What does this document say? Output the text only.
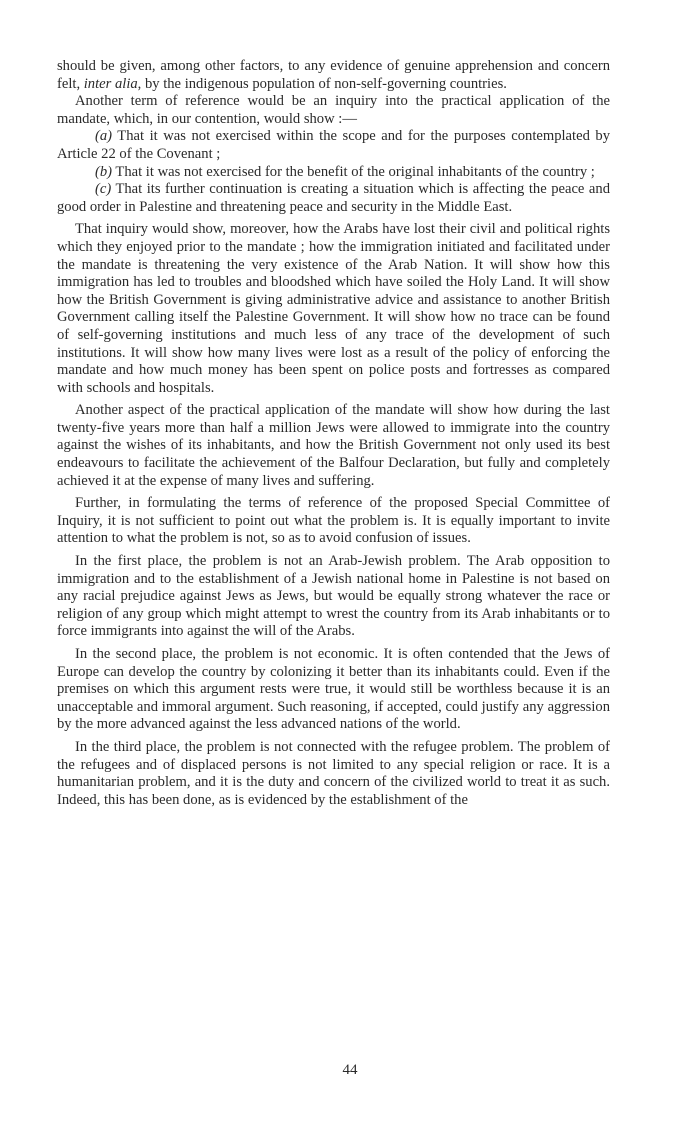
should be given, among other factors, to any evidence of genuine apprehension and concern felt, inter alia, by the indigenous population of non-self-governing countries.

Another term of reference would be an inquiry into the practical application of the mandate, which, in our contention, would show :—

(a) That it was not exercised within the scope and for the purposes contemplated by Article 22 of the Covenant ;

(b) That it was not exercised for the benefit of the original inhabitants of the country ;

(c) That its further continuation is creating a situation which is affecting the peace and good order in Palestine and threatening peace and security in the Middle East.

That inquiry would show, moreover, how the Arabs have lost their civil and political rights which they enjoyed prior to the mandate ; how the immigration initiated and facilitated under the mandate is threatening the very existence of the Arab Nation. It will show how this immigration has led to troubles and bloodshed which have soiled the Holy Land. It will show how the British Government is giving administrative advice and assistance to another British Government calling itself the Palestine Government. It will show how no trace can be found of self-governing institutions and much less of any trace of the development of such institutions. It will show how many lives were lost as a result of the policy of enforcing the mandate and how much money has been spent on police posts and fortresses as compared with schools and hospitals.

Another aspect of the practical application of the mandate will show how during the last twenty-five years more than half a million Jews were allowed to immigrate into the country against the wishes of its inhabitants, and how the British Government not only used its best endeavours to facilitate the achievement of the Balfour Declaration, but fully and completely achieved it at the expense of many lives and suffering.

Further, in formulating the terms of reference of the proposed Special Committee of Inquiry, it is not sufficient to point out what the problem is. It is equally important to invite attention to what the problem is not, so as to avoid confusion of issues.

In the first place, the problem is not an Arab-Jewish problem. The Arab opposition to immigration and to the establishment of a Jewish national home in Palestine is not based on any racial prejudice against Jews as Jews, but would be equally strong whatever the race or religion of any group which might attempt to wrest the country from its Arab inhabitants or to force immigrants into against the will of the Arabs.

In the second place, the problem is not economic. It is often contended that the Jews of Europe can develop the country by colonizing it better than its inhabitants could. Even if the premises on which this argument rests were true, it would still be worthless because it is an unacceptable and immoral argument. Such reasoning, if accepted, could justify any aggression by the more advanced against the less advanced nations of the world.

In the third place, the problem is not connected with the refugee problem. The problem of the refugees and of displaced persons is not limited to any special religion or race. It is a humanitarian problem, and it is the duty and concern of the civilized world to treat it as such. Indeed, this has been done, as is evidenced by the establishment of the

44
